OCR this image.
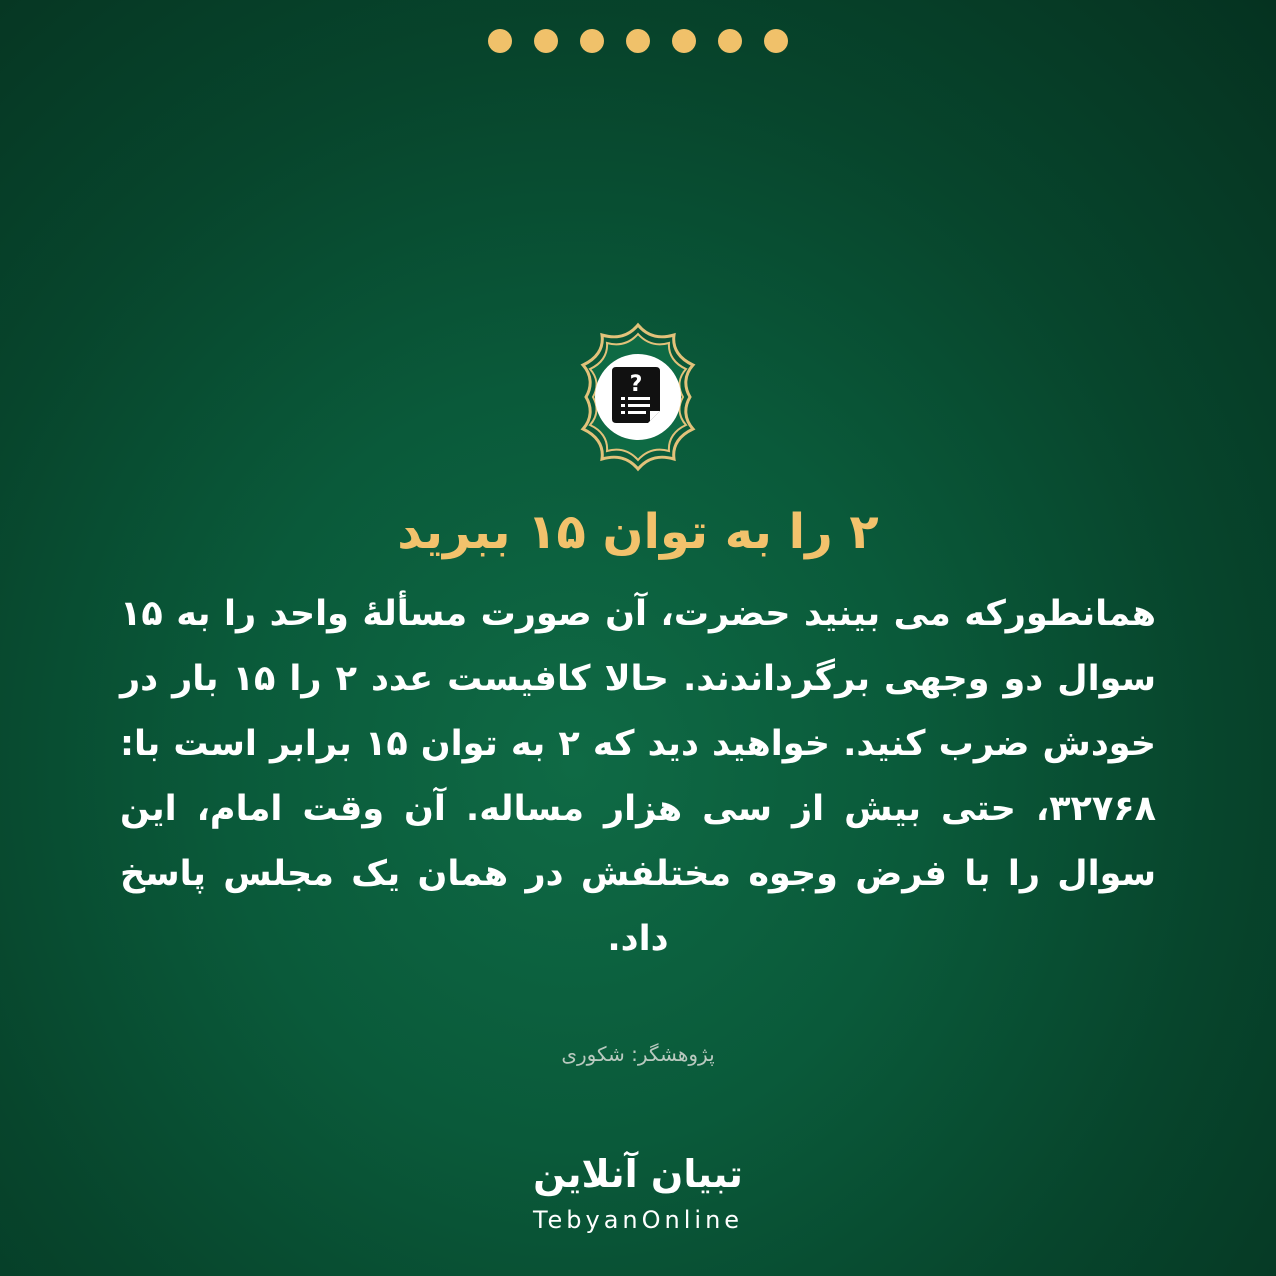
?
۲ را به توان ۱۵ ببرید
همانطورکه می بینید حضرت، آن صورت مسألۀ واحد را به ۱۵ سوال دو وجهی برگرداندند. حالا کافیست عدد ۲ را ۱۵ بار در خودش ضرب کنید. خواهید دید که ۲ به توان ۱۵ برابر است با: ۳۲۷۶۸، حتی بیش از سی هزار مساله. آن وقت امام، این سوال را با فرض وجوه مختلفش در همان یک مجلس پاسخ داد.
پژوهشگر: شکوری
تبیان آنلاین
TebyanOnline
